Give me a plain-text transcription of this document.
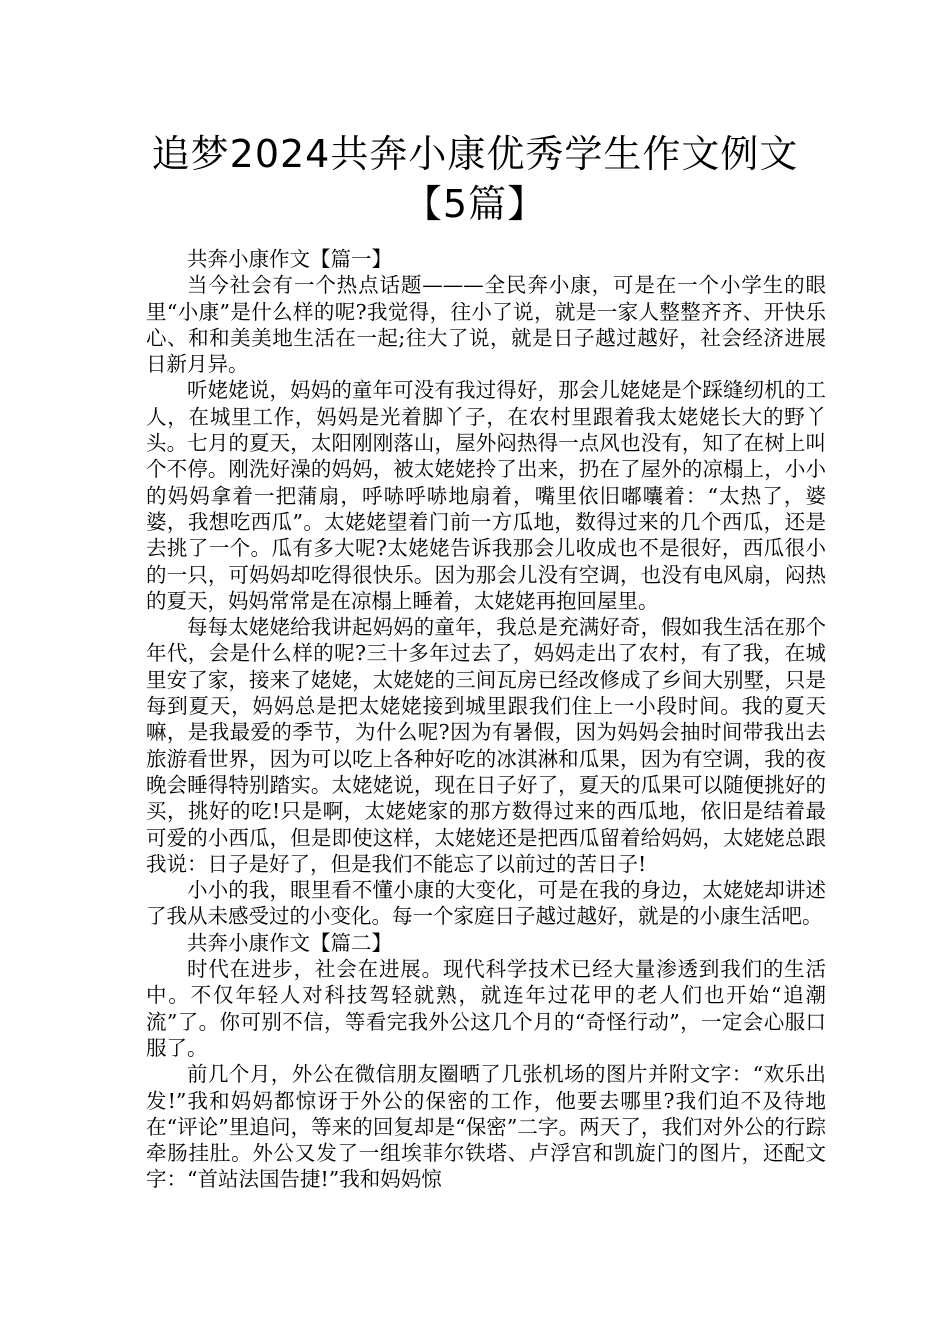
追梦2024共奔小康优秀学生作文例文
【5篇】

共奔小康作文【篇一】

当今社会有一个热点话题———全民奔小康，可是在一个小学生的眼里“小康”是什么样的呢?我觉得，往小了说，就是一家人整整齐齐、开快乐心、和和美美地生活在一起;往大了说，就是日子越过越好，社会经济进展日新月异。

听姥姥说，妈妈的童年可没有我过得好，那会儿姥姥是个踩缝纫机的工人，在城里工作，妈妈是光着脚丫子，在农村里跟着我太姥姥长大的野丫头。七月的夏天，太阳刚刚落山，屋外闷热得一点风也没有，知了在树上叫个不停。刚洗好澡的妈妈，被太姥姥拎了出来，扔在了屋外的凉榻上，小小的妈妈拿着一把蒲扇，呼哧呼哧地扇着，嘴里依旧嘟囔着：“太热了，婆婆，我想吃西瓜”。太姥姥望着门前一方瓜地，数得过来的几个西瓜，还是去挑了一个。瓜有多大呢?太姥姥告诉我那会儿收成也不是很好，西瓜很小的一只，可妈妈却吃得很快乐。因为那会儿没有空调，也没有电风扇，闷热的夏天，妈妈常常是在凉榻上睡着，太姥姥再抱回屋里。

每每太姥姥给我讲起妈妈的童年，我总是充满好奇，假如我生活在那个年代，会是什么样的呢?三十多年过去了，妈妈走出了农村，有了我，在城里安了家，接来了姥姥，太姥姥的三间瓦房已经改修成了乡间大别墅，只是每到夏天，妈妈总是把太姥姥接到城里跟我们住上一小段时间。我的夏天嘛，是我最爱的季节，为什么呢?因为有暑假，因为妈妈会抽时间带我出去旅游看世界，因为可以吃上各种好吃的冰淇淋和瓜果，因为有空调，我的夜晚会睡得特别踏实。太姥姥说，现在日子好了，夏天的瓜果可以随便挑好的买，挑好的吃!只是啊，太姥姥家的那方数得过来的西瓜地，依旧是结着最可爱的小西瓜，但是即使这样，太姥姥还是把西瓜留着给妈妈，太姥姥总跟我说：日子是好了，但是我们不能忘了以前过的苦日子!

小小的我，眼里看不懂小康的大变化，可是在我的身边，太姥姥却讲述了我从未感受过的小变化。每一个家庭日子越过越好，就是的小康生活吧。

共奔小康作文【篇二】

时代在进步，社会在进展。现代科学技术已经大量渗透到我们的生活中。不仅年轻人对科技驾轻就熟，就连年过花甲的老人们也开始“追潮流”了。你可别不信，等看完我外公这几个月的“奇怪行动”，一定会心服口服了。

前几个月，外公在微信朋友圈晒了几张机场的图片并附文字：“欢乐出发!”我和妈妈都惊讶于外公的保密的工作，他要去哪里?我们迫不及待地在“评论”里追问，等来的回复却是“保密”二字。两天了，我们对外公的行踪牵肠挂肚。外公又发了一组埃菲尔铁塔、卢浮宫和凯旋门的图片，还配文字：“首站法国告捷!”我和妈妈惊
